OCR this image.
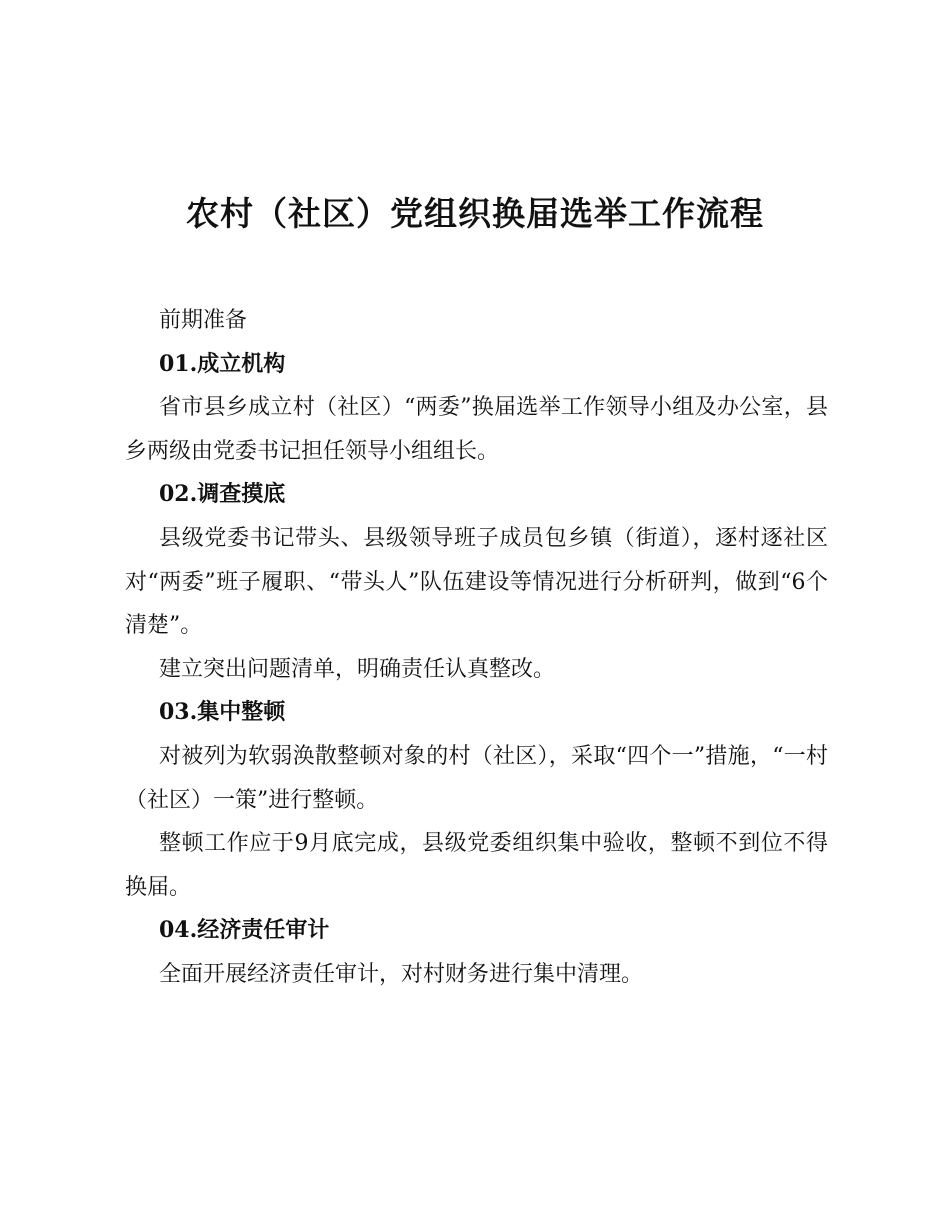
农村（社区）党组织换届选举工作流程

前期准备

01.成立机构

省市县乡成立村（社区）“两委”换届选举工作领导小组及办公室，县乡两级由党委书记担任领导小组组长。

02.调查摸底

县级党委书记带头、县级领导班子成员包乡镇（街道），逐村逐社区对“两委”班子履职、“带头人”队伍建设等情况进行分析研判，做到“6个清楚”。

建立突出问题清单，明确责任认真整改。

03.集中整顿

对被列为软弱涣散整顿对象的村（社区），采取“四个一”措施，“一村（社区）一策”进行整顿。

整顿工作应于9月底完成，县级党委组织集中验收，整顿不到位不得换届。

04.经济责任审计

全面开展经济责任审计，对村财务进行集中清理。
